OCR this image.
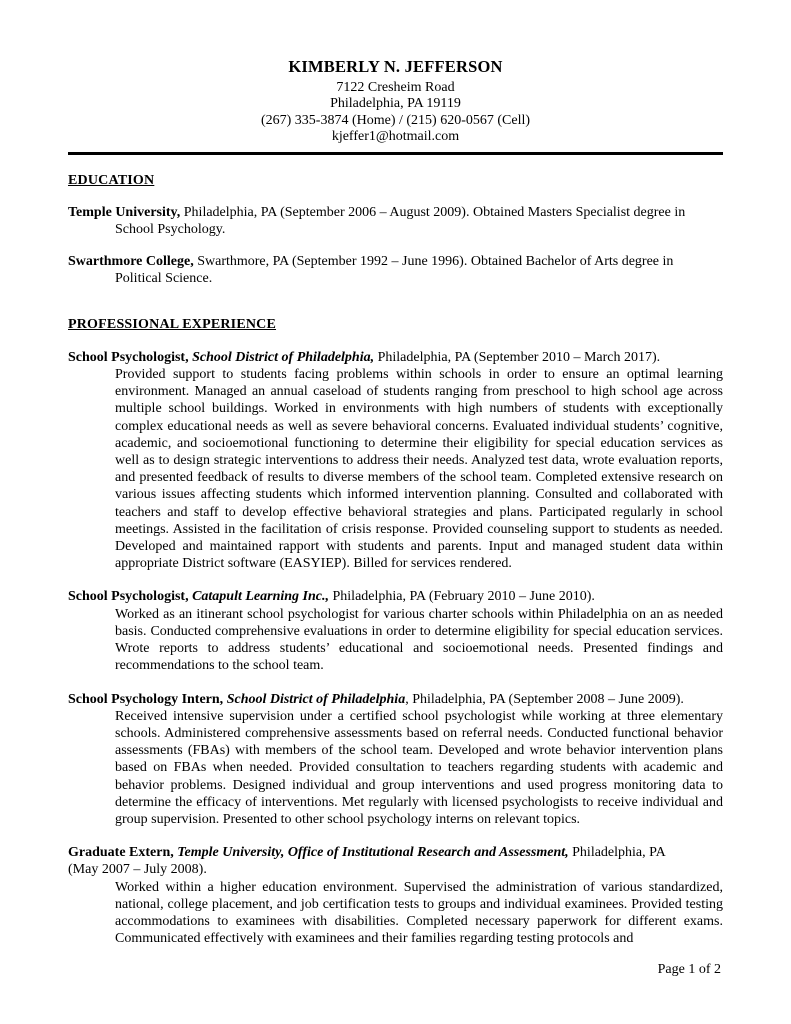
KIMBERLY N. JEFFERSON
7122 Cresheim Road
Philadelphia, PA 19119
(267) 335-3874 (Home) / (215) 620-0567 (Cell)
kjeffer1@hotmail.com
EDUCATION

Temple University, Philadelphia, PA (September 2006 – August 2009). Obtained Masters Specialist degree in School Psychology.

Swarthmore College, Swarthmore, PA (September 1992 – June 1996). Obtained Bachelor of Arts degree in Political Science.

PROFESSIONAL EXPERIENCE

School Psychologist, School District of Philadelphia, Philadelphia, PA (September 2010 – March 2017).

Provided support to students facing problems within schools in order to ensure an optimal learning environment. Managed an annual caseload of students ranging from preschool to high school age across multiple school buildings. Worked in environments with high numbers of students with exceptionally complex educational needs as well as severe behavioral concerns. Evaluated individual students’ cognitive, academic, and socioemotional functioning to determine their eligibility for special education services as well as to design strategic interventions to address their needs. Analyzed test data, wrote evaluation reports, and presented feedback of results to diverse members of the school team. Completed extensive research on various issues affecting students which informed intervention planning. Consulted and collaborated with teachers and staff to develop effective behavioral strategies and plans. Participated regularly in school meetings. Assisted in the facilitation of crisis response. Provided counseling support to students as needed. Developed and maintained rapport with students and parents. Input and managed student data within appropriate District software (EASYIEP). Billed for services rendered.

School Psychologist, Catapult Learning Inc., Philadelphia, PA (February 2010 – June 2010).

Worked as an itinerant school psychologist for various charter schools within Philadelphia on an as needed basis. Conducted comprehensive evaluations in order to determine eligibility for special education services. Wrote reports to address students’ educational and socioemotional needs. Presented findings and recommendations to the school team.

School Psychology Intern, School District of Philadelphia, Philadelphia, PA (September 2008 – June 2009).

Received intensive supervision under a certified school psychologist while working at three elementary schools. Administered comprehensive assessments based on referral needs. Conducted functional behavior assessments (FBAs) with members of the school team. Developed and wrote behavior intervention plans based on FBAs when needed. Provided consultation to teachers regarding students with academic and behavior problems. Designed individual and group interventions and used progress monitoring data to determine the efficacy of interventions. Met regularly with licensed psychologists to receive individual and group supervision. Presented to other school psychology interns on relevant topics.

Graduate Extern, Temple University, Office of Institutional Research and Assessment, Philadelphia, PA
(May 2007 – July 2008).

Worked within a higher education environment. Supervised the administration of various standardized, national, college placement, and job certification tests to groups and individual examinees. Provided testing accommodations to examinees with disabilities. Completed necessary paperwork for different exams. Communicated effectively with examinees and their families regarding testing protocols and

Page 1 of 2
